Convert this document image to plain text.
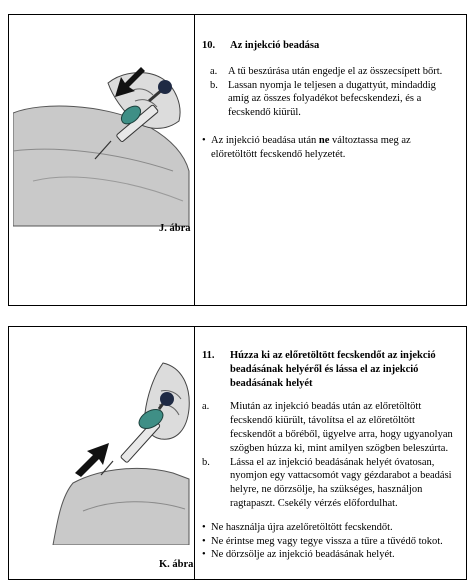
J. ábra
10.	Az injekció beadása
a.	A tű beszúrása után engedje el az összecsípett bőrt.
b. Lassan nyomja le teljesen a dugattyút, mindaddig amíg az összes folyadékot befecskendezi, és a fecskendő kiürül.
• Az injekció beadása után ne változtassa meg az előretöltött fecskendő helyzetét.
K. ábra
11.	Húzza ki az előretöltött fecskendőt az injekció beadásának helyéről és lássa el az injekció beadásának helyét
a.	Miután az injekció beadás után az előretöltött fecskendő kiürült, távolítsa el az előretöltött fecskendőt a bőréből, ügyelve arra, hogy ugyanolyan szögben húzza ki, mint amilyen szögben beleszúrta.
b.	Lássa el az injekció beadásának helyét óvatosan, nyomjon egy vattacsomót vagy gézdarabot a beadási helyre, ne dörzsölje, ha szükséges, használjon ragtapaszt. Csekély vérzés előfordulhat.
• Ne használja újra azelőretöltött fecskendőt.
• Ne érintse meg vagy tegye vissza a tűre a tűvédő tokot.
• Ne dörzsölje az injekció beadásának helyét.
